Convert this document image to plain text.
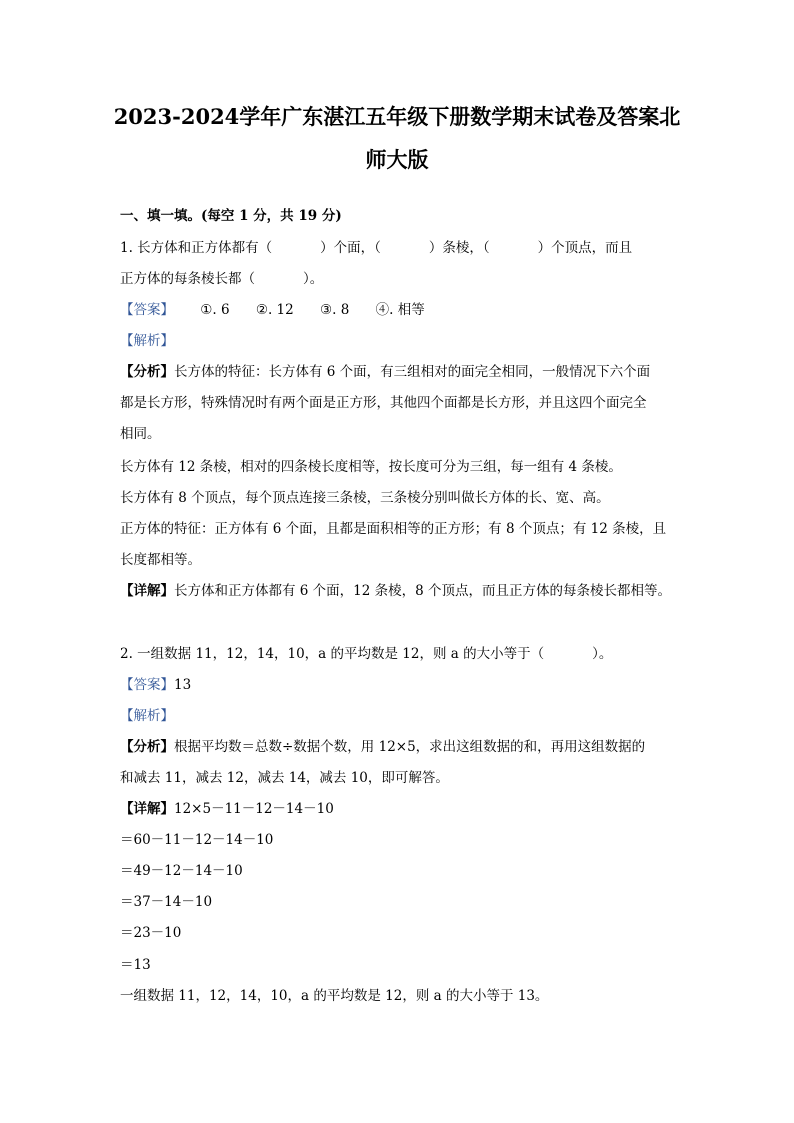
2023-2024学年广东湛江五年级下册数学期末试卷及答案北
师大版
一、填一填。(每空 1 分，共 19 分)
1. 长方体和正方体都有（	）个面，（	）条棱，（	）个顶点，而且
正方体的每条棱长都（	）。
【答案】 ①. 6 ②. 12 ③. 8 ④. 相等
【解析】
【分析】长方体的特征：长方体有 6 个面，有三组相对的面完全相同，一般情况下六个面
都是长方形，特殊情况时有两个面是正方形，其他四个面都是长方形，并且这四个面完全
相同。
长方体有 12 条棱，相对的四条棱长度相等，按长度可分为三组，每一组有 4 条棱。
长方体有 8 个顶点，每个顶点连接三条棱，三条棱分别叫做长方体的长、宽、高。
正方体的特征：正方体有 6 个面，且都是面积相等的正方形；有 8 个顶点；有 12 条棱，且
长度都相等。
【详解】长方体和正方体都有 6 个面，12 条棱，8 个顶点，而且正方体的每条棱长都相等。
2. 一组数据 11，12，14，10，a 的平均数是 12，则 a 的大小等于（	）。
【答案】13
【解析】
【分析】根据平均数＝总数÷数据个数，用 12×5，求出这组数据的和，再用这组数据的
和减去 11，减去 12，减去 14，减去 10，即可解答。
【详解】12×5－11－12－14－10
＝60－11－12－14－10
＝49－12－14－10
＝37－14－10
＝23－10
＝13
一组数据 11，12，14，10，a 的平均数是 12，则 a 的大小等于 13。
